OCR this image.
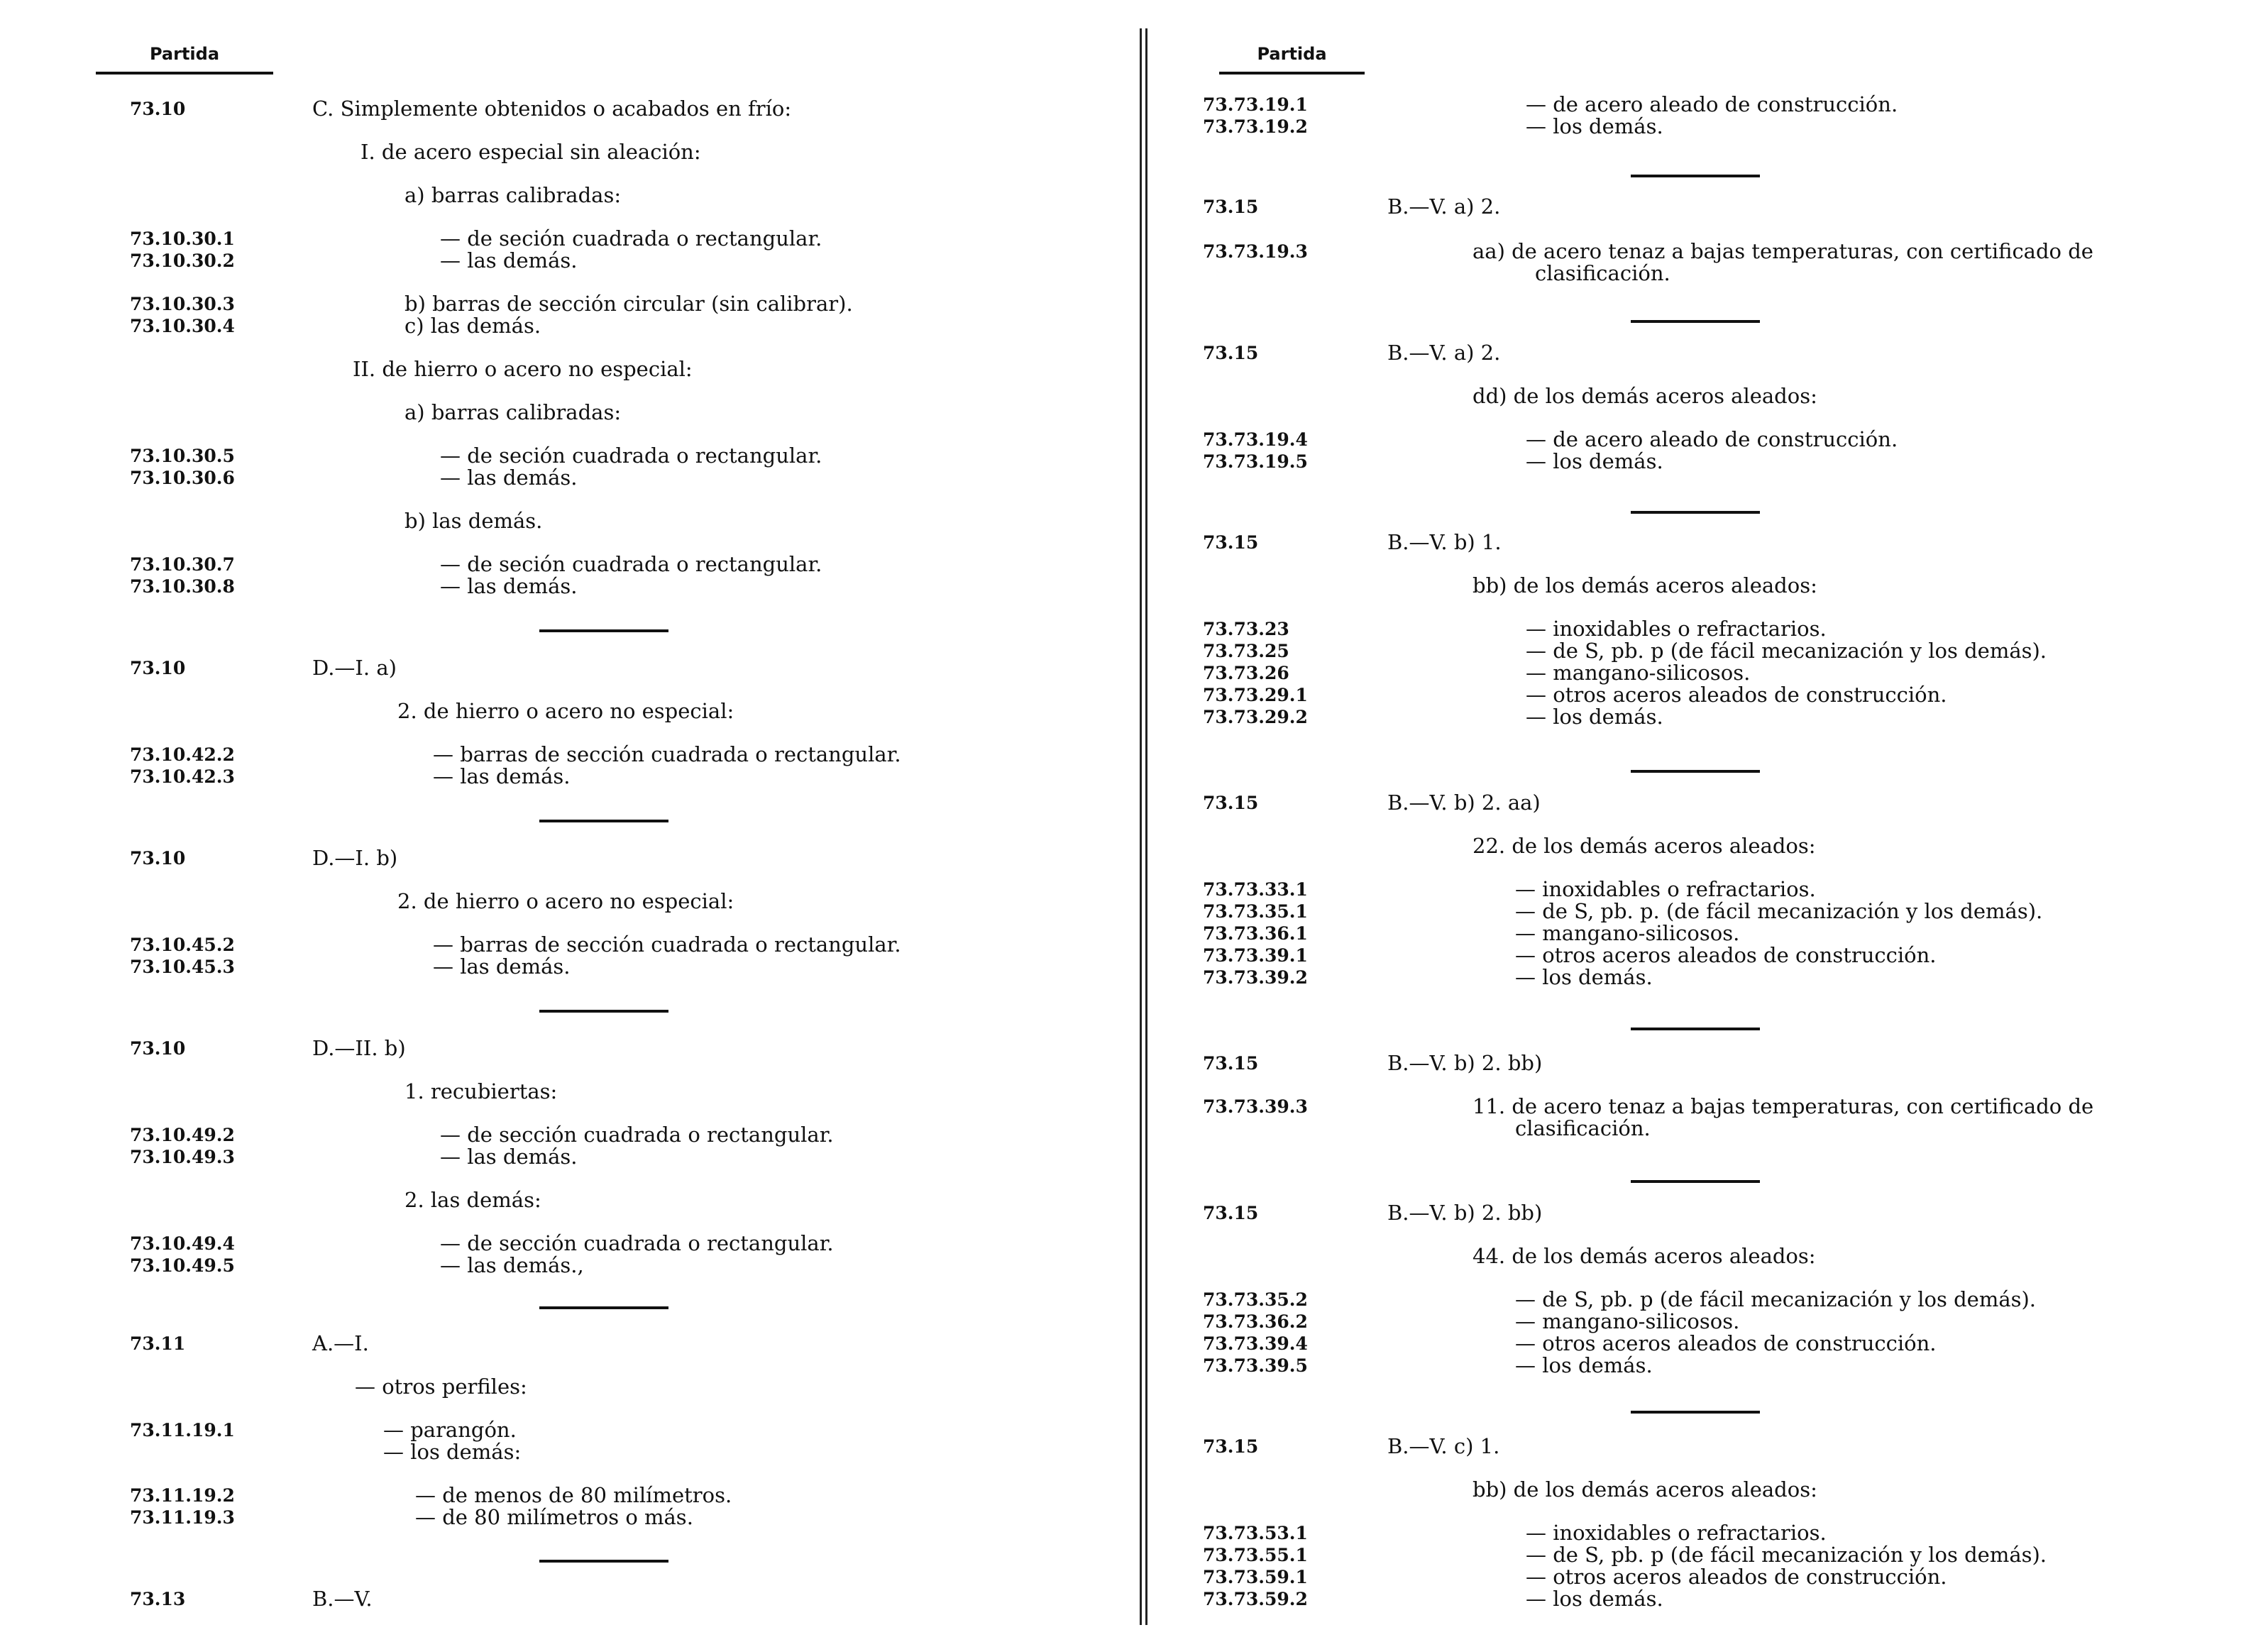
Partida
73.10	C. Simplemente obtenidos o acabados en frío:
I. de acero especial sin aleación:
a) barras calibradas:
73.10.30.1	— de seción cuadrada o rectangular.
73.10.30.2	— las demás.
73.10.30.3	b) barras de sección circular (sin calibrar).
73.10.30.4	c) las demás.
II. de hierro o acero no especial:
a) barras calibradas:
73.10.30.5	— de seción cuadrada o rectangular.
73.10.30.6	— las demás.
b) las demás.
73.10.30.7	— de seción cuadrada o rectangular.
73.10.30.8	— las demás.
73.10	D.—I. a)
2. de hierro o acero no especial:
73.10.42.2	— barras de sección cuadrada o rectangular.
73.10.42.3	— las demás.
73.10	D.—I. b)
2. de hierro o acero no especial:
73.10.45.2	— barras de sección cuadrada o rectangular.
73.10.45.3	— las demás.
73.10	D.—II. b)
1. recubiertas:
73.10.49.2	— de sección cuadrada o rectangular.
73.10.49.3	— las demás.
2. las demás:
73.10.49.4	— de sección cuadrada o rectangular.
73.10.49.5	— las demás.,
73.11	A.—I.
— otros perfiles:
73.11.19.1	— parangón.
— los demás:
73.11.19.2	— de menos de 80 milímetros.
73.11.19.3	— de 80 milímetros o más.
73.13	B.—V.
Partida
73.73.19.1	— de acero aleado de construcción.
73.73.19.2	— los demás.
73.15	B.—V. a) 2.
73.73.19.3	aa) de acero tenaz a bajas temperaturas, con certificado de
clasificación.
73.15	B.—V. a) 2.
dd) de los demás aceros aleados:
73.73.19.4	— de acero aleado de construcción.
73.73.19.5	— los demás.
73.15	B.—V. b) 1.
bb) de los demás aceros aleados:
73.73.23	— inoxidables o refractarios.
73.73.25	— de S, pb. p (de fácil mecanización y los demás).
73.73.26	— mangano-silicosos.
73.73.29.1	— otros aceros aleados de construcción.
73.73.29.2	— los demás.
73.15	B.—V. b) 2. aa)
22. de los demás aceros aleados:
73.73.33.1	— inoxidables o refractarios.
73.73.35.1	— de S, pb. p. (de fácil mecanización y los demás).
73.73.36.1	— mangano-silicosos.
73.73.39.1	— otros aceros aleados de construcción.
73.73.39.2	— los demás.
73.15	B.—V. b) 2. bb)
73.73.39.3	11. de acero tenaz a bajas temperaturas, con certificado de
clasificación.
73.15	B.—V. b) 2. bb)
44. de los demás aceros aleados:
73.73.35.2	— de S, pb. p (de fácil mecanización y los demás).
73.73.36.2	— mangano-silicosos.
73.73.39.4	— otros aceros aleados de construcción.
73.73.39.5	— los demás.
73.15	B.—V. c) 1.
bb) de los demás aceros aleados:
73.73.53.1	— inoxidables o refractarios.
73.73.55.1	— de S, pb. p (de fácil mecanización y los demás).
73.73.59.1	— otros aceros aleados de construcción.
73.73.59.2	— los demás.
